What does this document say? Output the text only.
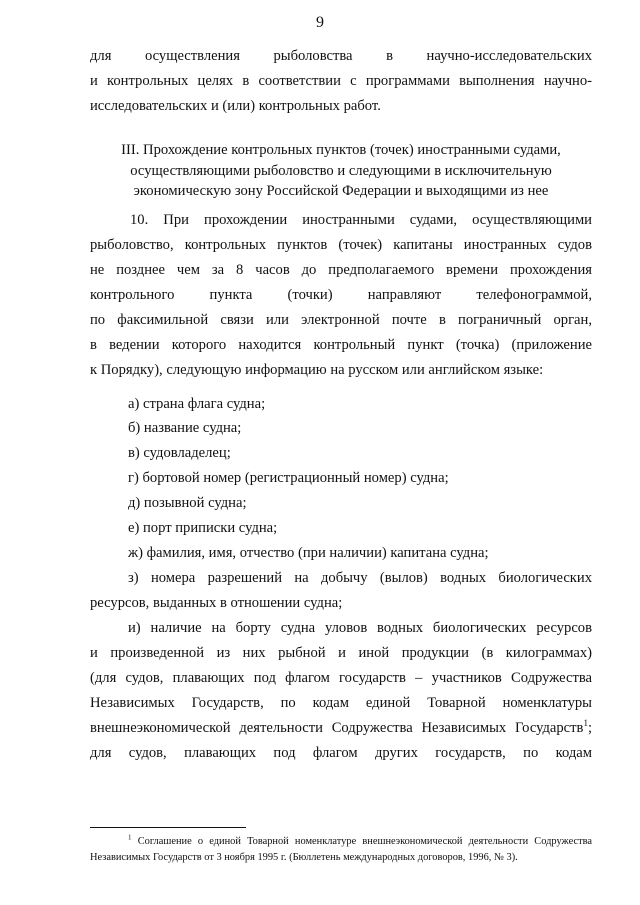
9

для осуществления рыболовства в научно-исследовательских

и контрольных целях в соответствии с программами выполнения научно-

исследовательских и (или) контрольных работ.

III. Прохождение контрольных пунктов (точек) иностранными судами,
осуществляющими рыболовство и следующими в исключительную
экономическую зону Российской Федерации и выходящими из нее

10. При прохождении иностранными судами, осуществляющими

рыболовство, контрольных пунктов (точек) капитаны иностранных судов

не позднее чем за 8 часов до предполагаемого времени прохождения

контрольного пункта (точки) направляют телефонограммой,

по факсимильной связи или электронной почте в пограничный орган,

в ведении которого находится контрольный пункт (точка) (приложение

к Порядку), следующую информацию на русском или английском языке:

а) страна флага судна;

б) название судна;

в) судовладелец;

г) бортовой номер (регистрационный номер) судна;

д) позывной судна;

е) порт приписки судна;

ж) фамилия, имя, отчество (при наличии) капитана судна;

з) номера разрешений на добычу (вылов) водных биологических

ресурсов, выданных в отношении судна;

и) наличие на борту судна уловов водных биологических ресурсов

и произведенной из них рыбной и иной продукции (в килограммах)

(для судов, плавающих под флагом государств – участников Содружества

Независимых Государств, по кодам единой Товарной номенклатуры

внешнеэкономической деятельности Содружества Независимых Государств$^1$;

для судов, плавающих под флагом других государств, по кодам

$^1$ Соглашение о единой Товарной номенклатуре внешнеэкономической деятельности Содружества Независимых Государств от 3 ноября 1995 г. (Бюллетень международных договоров, 1996, № 3).
